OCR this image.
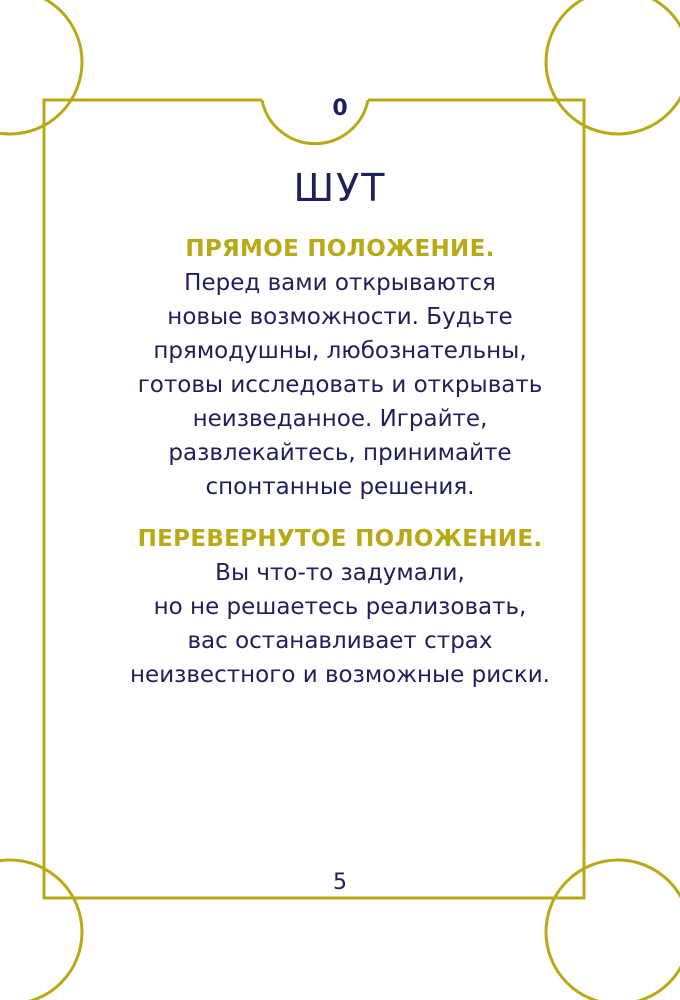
0
ШУТ
ПРЯМОЕ ПОЛОЖЕНИЕ.
Перед вами открываются
новые возможности. Будьте
прямодушны, любознательны,
готовы исследовать и открывать
неизведанное. Играйте,
развлекайтесь, принимайте
спонтанные решения.
ПЕРЕВЕРНУТОЕ ПОЛОЖЕНИЕ.
Вы что-то задумали,
но не решаетесь реализовать,
вас останавливает страх
неизвестного и возможные риски.
5
